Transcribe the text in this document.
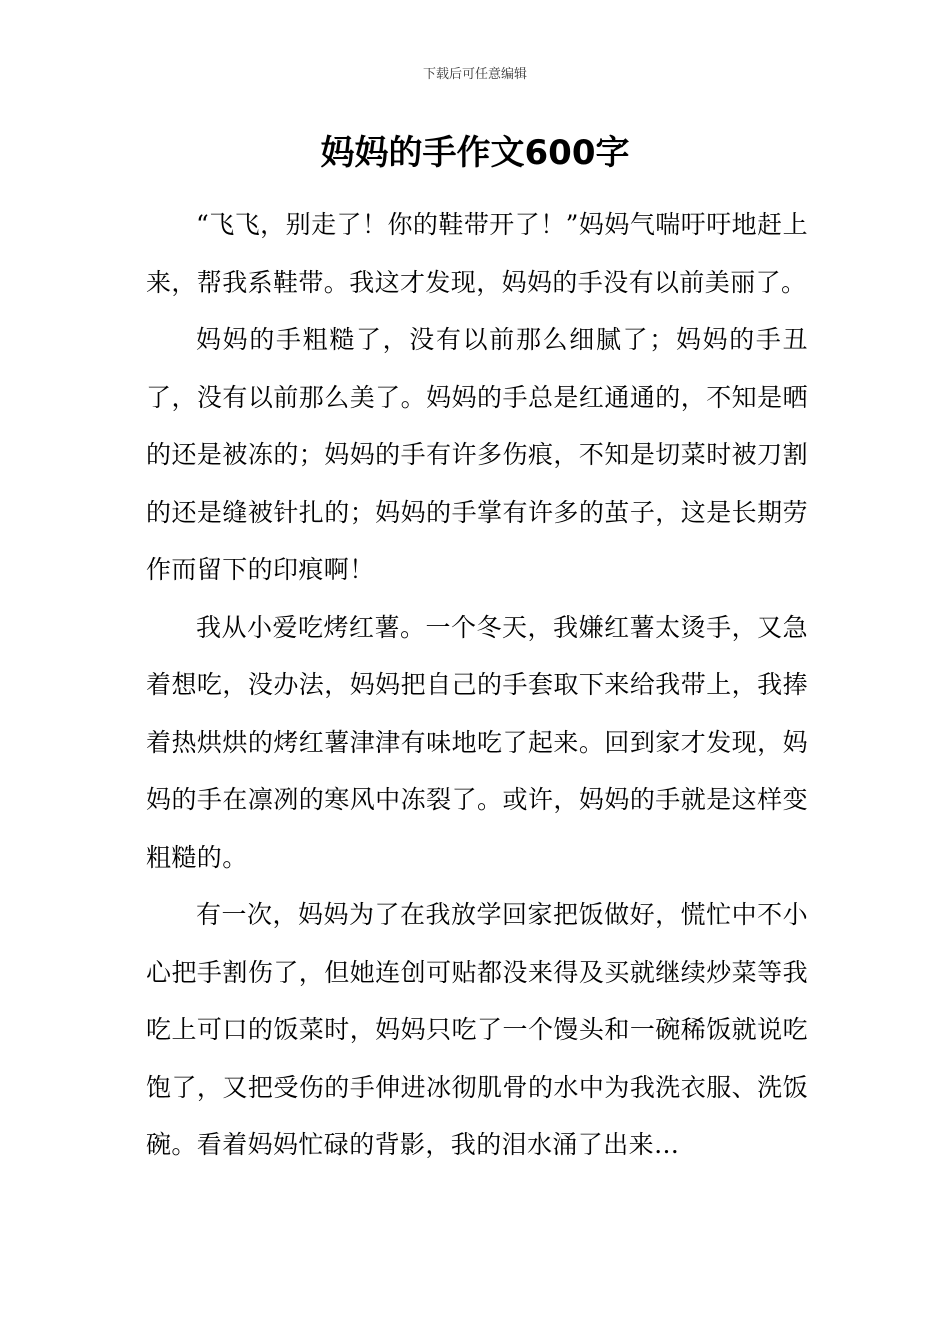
下载后可任意编辑
妈妈的手作文600字

“飞飞，别走了！你的鞋带开了！”妈妈气喘吁吁地赶上来，帮我系鞋带。我这才发现，妈妈的手没有以前美丽了。

妈妈的手粗糙了，没有以前那么细腻了；妈妈的手丑了，没有以前那么美了。妈妈的手总是红通通的，不知是晒的还是被冻的；妈妈的手有许多伤痕，不知是切菜时被刀割的还是缝被针扎的；妈妈的手掌有许多的茧子，这是长期劳作而留下的印痕啊！

我从小爱吃烤红薯。一个冬天，我嫌红薯太烫手，又急着想吃，没办法，妈妈把自己的手套取下来给我带上，我捧着热烘烘的烤红薯津津有味地吃了起来。回到家才发现，妈妈的手在凛冽的寒风中冻裂了。或许，妈妈的手就是这样变粗糙的。

有一次，妈妈为了在我放学回家把饭做好，慌忙中不小心把手割伤了，但她连创可贴都没来得及买就继续炒菜等我吃上可口的饭菜时，妈妈只吃了一个馒头和一碗稀饭就说吃饱了，又把受伤的手伸进冰彻肌骨的水中为我洗衣服、洗饭碗。看着妈妈忙碌的背影，我的泪水涌了出来…
